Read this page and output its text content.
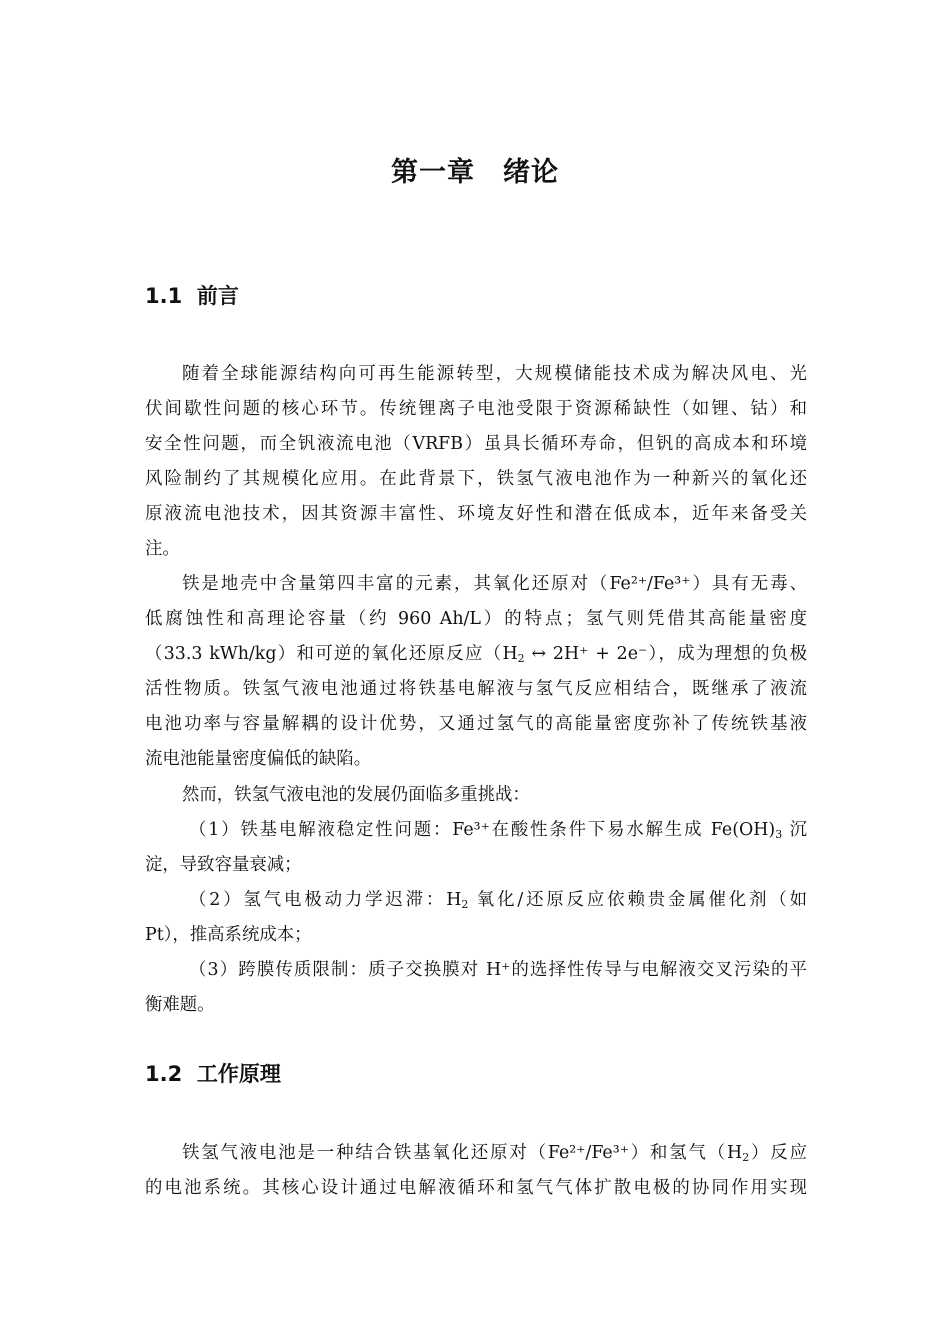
第一章　绪论
1.1  前言
随着全球能源结构向可再生能源转型，大规模储能技术成为解决风电、光
伏间歇性问题的核心环节。传统锂离子电池受限于资源稀缺性（如锂、钴）和
安全性问题，而全钒液流电池（VRFB）虽具长循环寿命，但钒的高成本和环境
风险制约了其规模化应用。在此背景下，铁氢气液电池作为一种新兴的氧化还
原液流电池技术，因其资源丰富性、环境友好性和潜在低成本，近年来备受关
注。
铁是地壳中含量第四丰富的元素，其氧化还原对（Fe²⁺/Fe³⁺）具有无毒、
低腐蚀性和高理论容量（约 960 Ah/L）的特点；氢气则凭借其高能量密度
（33.3 kWh/kg）和可逆的氧化还原反应（$H_2$ ↔ 2H⁺ + 2e⁻），成为理想的负极
活性物质。铁氢气液电池通过将铁基电解液与氢气反应相结合，既继承了液流
电池功率与容量解耦的设计优势，又通过氢气的高能量密度弥补了传统铁基液
流电池能量密度偏低的缺陷。
然而，铁氢气液电池的发展仍面临多重挑战：
（1）铁基电解液稳定性问题：Fe³⁺在酸性条件下易水解生成 $Fe(OH)_3$ 沉
淀，导致容量衰减；
（2）氢气电极动力学迟滞：$H_2$ 氧化/还原反应依赖贵金属催化剂（如
Pt），推高系统成本；
（3）跨膜传质限制：质子交换膜对 H⁺的选择性传导与电解液交叉污染的平
衡难题。
1.2  工作原理
铁氢气液电池是一种结合铁基氧化还原对（Fe²⁺/Fe³⁺）和氢气$(H_2)$反应
的电池系统。其核心设计通过电解液循环和氢气气体扩散电极的协同作用实现
